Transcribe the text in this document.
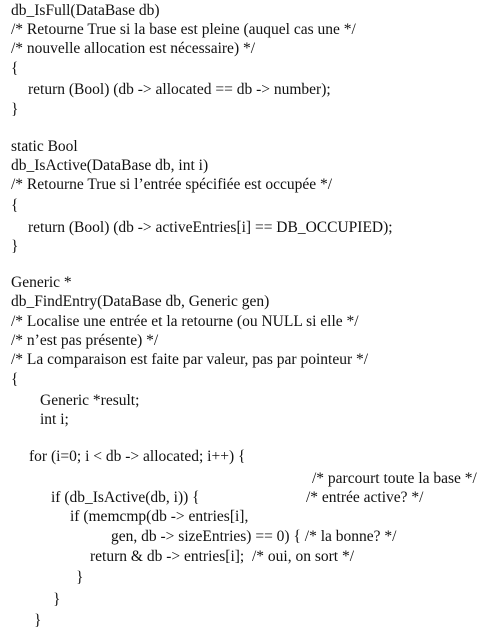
db_IsFull(DataBase db)
/* Retourne True si la base est pleine (auquel cas une */
/* nouvelle allocation est nécessaire) */
{
return (Bool) (db -> allocated == db -> number);
}
static Bool
db_IsActive(DataBase db, int i)
/* Retourne True si l’entrée spécifiée est occupée */
{
return (Bool) (db -> activeEntries[i] == DB_OCCUPIED);
}
Generic *
db_FindEntry(DataBase db, Generic gen)
/* Localise une entrée et la retourne (ou NULL si elle */
/* n’est pas présente) */
/* La comparaison est faite par valeur, pas par pointeur */
{
Generic *result;
int i;
for (i=0; i < db -> allocated; i++) {
/* parcourt toute la base */
if (db_IsActive(db, i)) {	/* entrée active? */
if (memcmp(db -> entries[i],
gen, db -> sizeEntries) == 0) { /* la bonne? */
return & db -> entries[i];  /* oui, on sort */
}
}
}
